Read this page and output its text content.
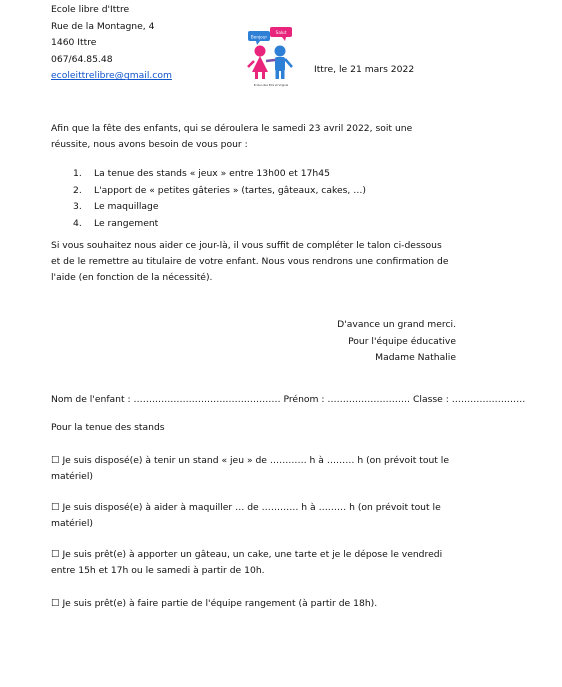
Ecole libre d'Ittre
Rue de la Montagne, 4
1460 Ittre
067/64.85.48
ecoleittrelibre@gmail.com
Bonjour
Salut
Ecole Libre Ittre et Virginal
Ittre, le 21 mars 2022
Afin que la fête des enfants, qui se déroulera le samedi 23 avril 2022, soit une
réussite, nous avons besoin de vous pour :
1. La tenue des stands « jeux » entre 13h00 et 17h45
2. L'apport de « petites gâteries » (tartes, gâteaux, cakes, …)
3. Le maquillage
4. Le rangement
Si vous souhaitez nous aider ce jour-là, il vous suffit de compléter le talon ci-dessous
et de le remettre au titulaire de votre enfant. Nous vous rendrons une confirmation de
l'aide (en fonction de la nécessité).
D'avance un grand merci.
Pour l'équipe éducative
Madame Nathalie
Nom de l'enfant : ………………………………………… Prénom : ……………………… Classe : ……………………
Pour la tenue des stands
☐ Je suis disposé(e) à tenir un stand « jeu » de ………… h à ……… h (on prévoit tout le
matériel)
☐ Je suis disposé(e) à aider à maquiller … de ………… h à ……… h (on prévoit tout le
matériel)
☐ Je suis prêt(e) à apporter un gâteau, un cake, une tarte et je le dépose le vendredi
entre 15h et 17h ou le samedi à partir de 10h.
☐ Je suis prêt(e) à faire partie de l'équipe rangement (à partir de 18h).
